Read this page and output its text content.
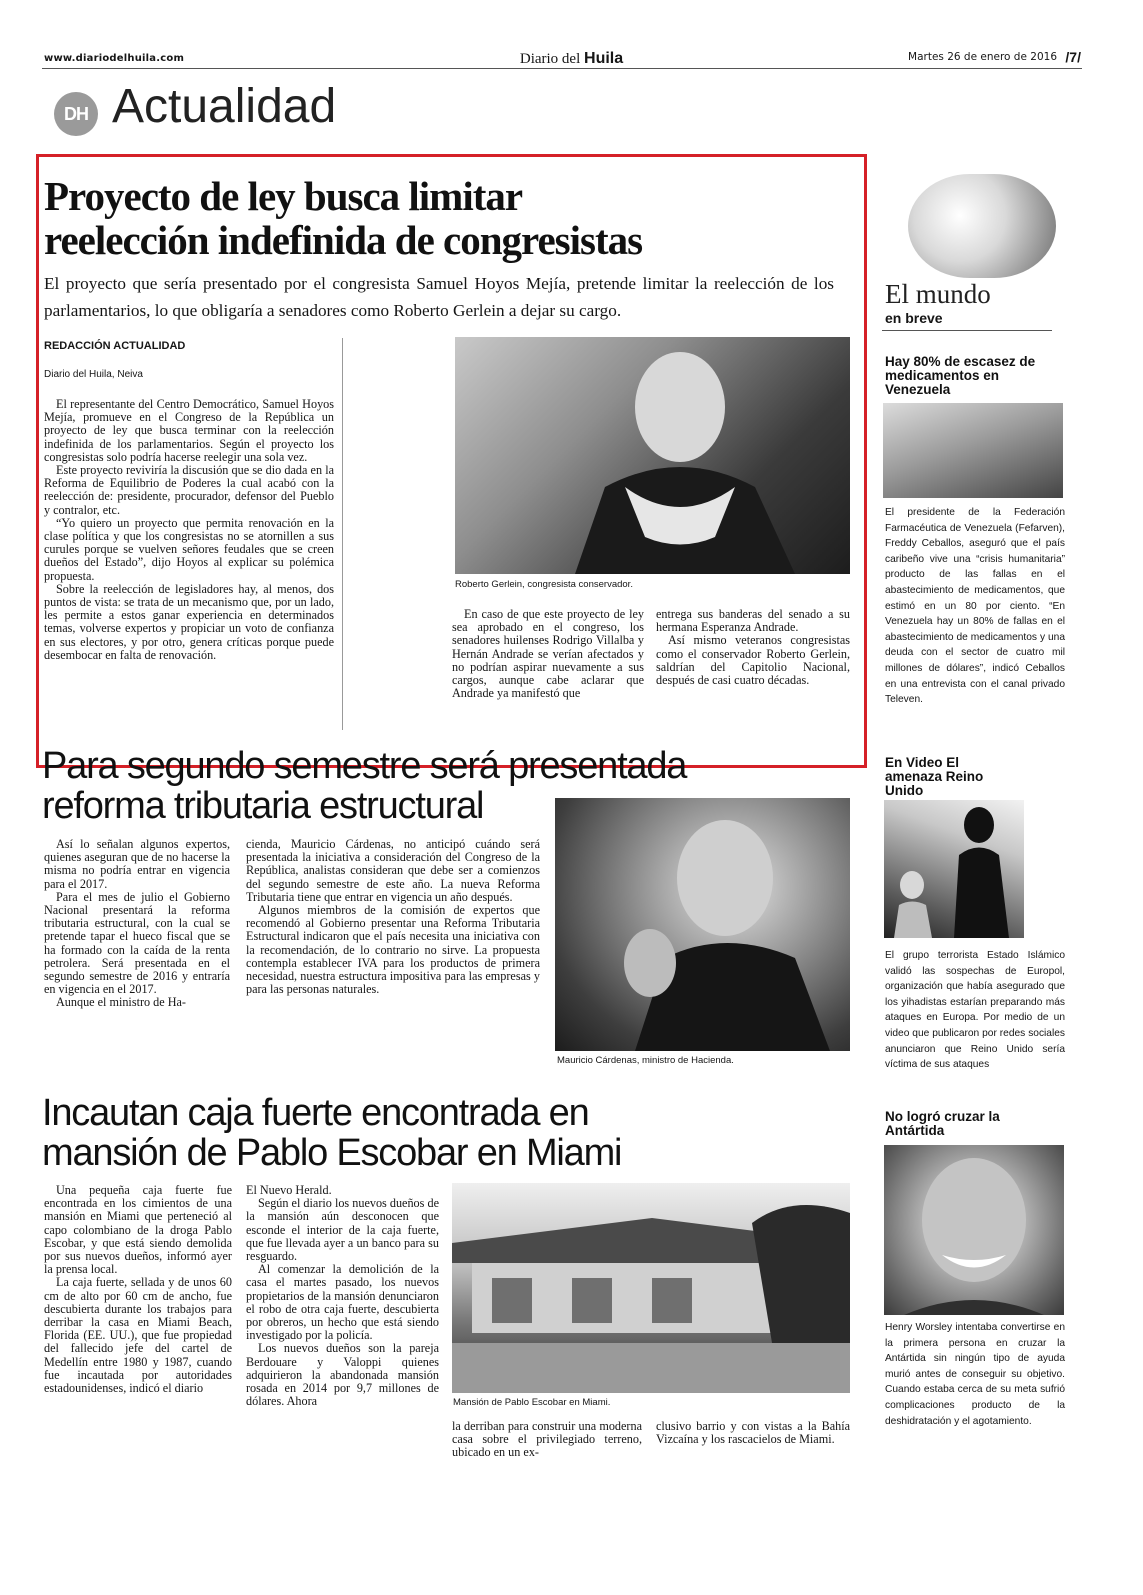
www.diariodelhuila.com	Diario del Huila	Martes 26 de enero de 2016 /7/
DH Actualidad
Proyecto de ley busca limitar
reelección indefinida de congresistas
El proyecto que sería presentado por el congresista Samuel Hoyos Mejía, pretende limitar la reelección de los parlamentarios, lo que obligaría a senadores como Roberto Gerlein a dejar su cargo.
REDACCIÓN ACTUALIDAD
Diario del Huila, Neiva

El representante del Centro Democrático, Samuel Hoyos Mejía, promueve en el Congreso de la República un proyecto de ley que busca terminar con la reelección indefinida de los parlamentarios. Según el proyecto los congresistas solo podría hacerse reelegir una sola vez.

Este proyecto reviviría la discusión que se dio dada en la Reforma de Equilibrio de Poderes la cual acabó con la reelección de: presidente, procurador, defensor del Pueblo y contralor, etc.

“Yo quiero un proyecto que permita renovación en la clase política y que los congresistas no se atornillen a sus curules porque se vuelven señores feudales que se creen dueños del Estado”, dijo Hoyos al explicar su polémica propuesta.

Sobre la reelección de legisladores hay, al menos, dos puntos de vista: se trata de un mecanismo que, por un lado, les permite a estos ganar experiencia en determinados temas, volverse expertos y propiciar un voto de confianza en sus electores, y por otro, genera críticas porque puede desembocar en falta de renovación.

Roberto Gerlein, congresista conservador.

En caso de que este proyecto de ley sea aprobado en el congreso, los senadores huilenses Rodrigo Villalba y Hernán Andrade se verían afectados y no podrían aspirar nuevamente a sus cargos, aunque cabe aclarar que Andrade ya manifestó que

entrega sus banderas del senado a su hermana Esperanza Andrade.

Así mismo veteranos congresistas como el conservador Roberto Gerlein, saldrían del Capitolio Nacional, después de casi cuatro décadas.

Para segundo semestre será presentada
reforma tributaria estructural

Así lo señalan algunos expertos, quienes aseguran que de no hacerse la misma no podría entrar en vigencia para el 2017.

Para el mes de julio el Gobierno Nacional presentará la reforma tributaria estructural, con la cual se pretende tapar el hueco fiscal que se ha formado con la caída de la renta petrolera. Será presentada en el segundo semestre de 2016 y entraría en vigencia en el 2017.

Aunque el ministro de Ha-

cienda, Mauricio Cárdenas, no anticipó cuándo será presentada la iniciativa a consideración del Congreso de la República, analistas consideran que debe ser a comienzos del segundo semestre de este año. La nueva Reforma Tributaria tiene que entrar en vigencia un año después.

Algunos miembros de la comisión de expertos que recomendó al Gobierno presentar una Reforma Tributaria Estructural indicaron que el país necesita una iniciativa con la recomendación, de lo contrario no sirve. La propuesta contempla establecer IVA para los productos de primera necesidad, nuestra estructura impositiva para las empresas y para las personas naturales.

Mauricio Cárdenas, ministro de Hacienda.
Incautan caja fuerte encontrada en
mansión de Pablo Escobar en Miami

Una pequeña caja fuerte fue encontrada en los cimientos de una mansión en Miami que perteneció al capo colombiano de la droga Pablo Escobar, y que está siendo demolida por sus nuevos dueños, informó ayer la prensa local.

La caja fuerte, sellada y de unos 60 cm de alto por 60 cm de ancho, fue descubierta durante los trabajos para derribar la casa en Miami Beach, Florida (EE. UU.), que fue propiedad del fallecido jefe del cartel de Medellín entre 1980 y 1987, cuando fue incautada por autoridades estadounidenses, indicó el diario

El Nuevo Herald.

Según el diario los nuevos dueños de la mansión aún desconocen que esconde el interior de la caja fuerte, que fue llevada ayer a un banco para su resguardo.

Al comenzar la demolición de la casa el martes pasado, los nuevos propietarios de la mansión denunciaron el robo de otra caja fuerte, descubierta por obreros, un hecho que está siendo investigado por la policía.

Los nuevos dueños son la pareja Berdouare y Valoppi quienes adquirieron la abandonada mansión rosada en 2014 por 9,7 millones de dólares. Ahora	Mansión de Pablo Escobar en Miami.

la derriban para construir una moderna casa sobre el privilegiado terreno, ubicado en un ex-

clusivo barrio y con vistas a la Bahía Vizcaína y los rascacielos de Miami.

El mundo
en breve
Hay 80% de escasez de medicamentos en Venezuela
El presidente de la Federación Farmacéutica de Venezuela (Fefarven), Freddy Ceballos, aseguró que el país caribeño vive una “crisis humanitaria” producto de las fallas en el abastecimiento de medicamentos, que estimó en un 80 por ciento. “En Venezuela hay un 80% de fallas en el abastecimiento de medicamentos y una deuda con el sector de cuatro mil millones de dólares”, indicó Ceballos en una entrevista con el canal privado Televen.
En Video El amenaza Reino Unido
El grupo terrorista Estado Islámico validó las sospechas de Europol, organización que había asegurado que los yihadistas estarían preparando más ataques en Europa. Por medio de un video que publicaron por redes sociales anunciaron que Reino Unido sería víctima de sus ataques
No logró cruzar la Antártida
Henry Worsley intentaba convertirse en la primera persona en cruzar la Antártida sin ningún tipo de ayuda murió antes de conseguir su objetivo. Cuando estaba cerca de su meta sufrió complicaciones producto de la deshidratación y el agotamiento.
